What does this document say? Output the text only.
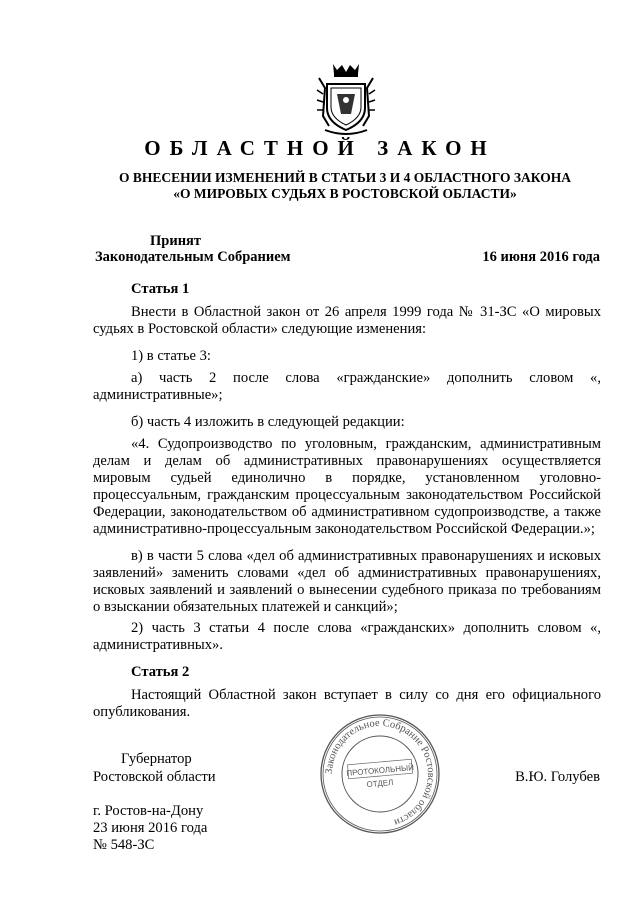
ОБЛАСТНОЙ ЗАКОН
О ВНЕСЕНИИ ИЗМЕНЕНИЙ В СТАТЬИ 3 И 4 ОБЛАСТНОГО ЗАКОНА
«О МИРОВЫХ СУДЬЯХ В РОСТОВСКОЙ ОБЛАСТИ»
Принят
Законодательным Собранием	16 июня 2016 года
Статья 1
Внести в Областной закон от 26 апреля 1999 года № 31-ЗС «О мировых судьях в Ростовской области» следующие изменения:
1) в статье 3:
а) часть 2 после слова «гражданские» дополнить словом «, административные»;
б) часть 4 изложить в следующей редакции:
«4. Судопроизводство по уголовным, гражданским, административным делам и делам об административных правонарушениях осуществляется мировым судьей единолично в порядке, установленном уголовно-процессуальным, гражданским процессуальным законодательством Российской Федерации, законодательством об административном судопроизводстве, а также административно-процессуальным законодательством Российской Федерации.»;
в) в части 5 слова «дел об административных правонарушениях и исковых заявлений» заменить словами «дел об административных правонарушениях, исковых заявлений и заявлений о вынесении судебного приказа по требованиям о взыскании обязательных платежей и санкций»;
2) часть 3 статьи 4 после слова «гражданских» дополнить словом «, административных».
Статья 2
Настоящий Областной закон вступает в силу со дня его официального опубликования.
Губернатор
Ростовской области	В.Ю. Голубев
Законодательное Собрание Ростовской области
ПРОТОКОЛЬНЫЙ
ОТДЕЛ
г. Ростов-на-Дону
23 июня 2016 года
№ 548-ЗС
